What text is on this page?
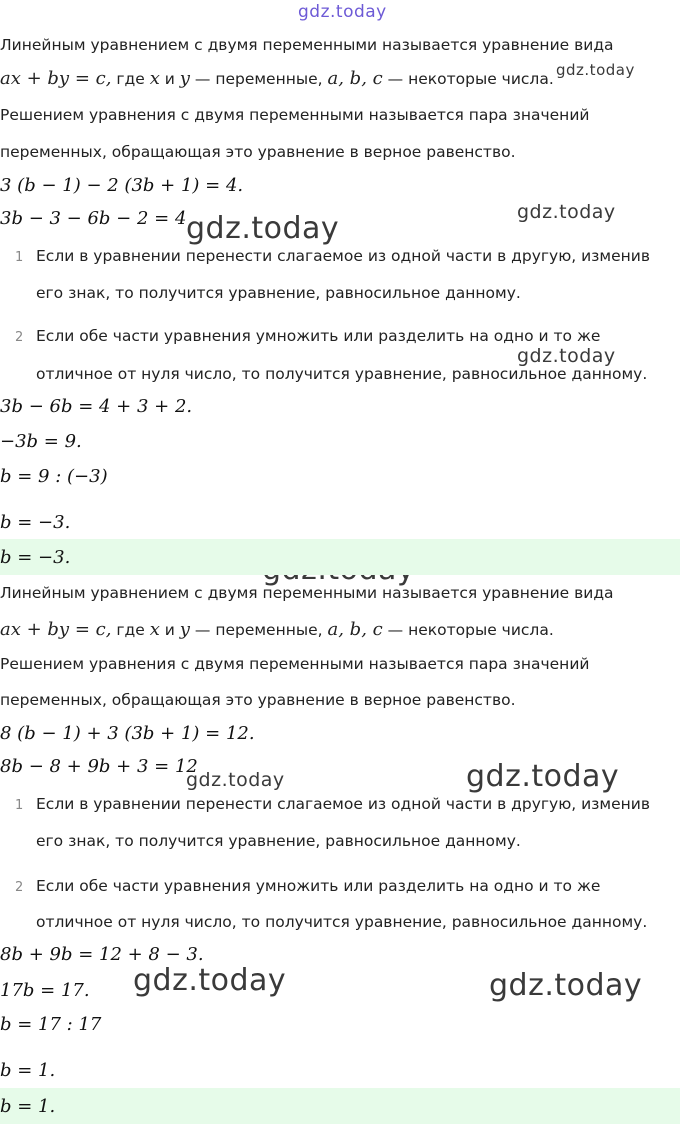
gdz.today
gdz.today
gdz.today
gdz.today
gdz.today
gdz.today	gdz.today
gdz.today	gdz.today
Линейным уравнением с двумя переменными называется уравнение вида
ax + by = c, где x и y — переменные, a, b, c — некоторые числа.
Решением уравнения с двумя переменными называется пара значений
переменных, обращающая это уравнение в верное равенство.
3 (b − 1) − 2 (3b + 1) = 4.
3b − 3 − 6b − 2 = 4
1 Если в уравнении перенести слагаемое из одной части в другую, изменив
его знак, то получится уравнение, равносильное данному.
2 Если обе части уравнения умножить или разделить на одно и то же
отличное от нуля число, то получится уравнение, равносильное данному.
3b − 6b = 4 + 3 + 2.
−3b = 9.
b = 9 : (−3)
b = −3.
b = −3.
Линейным уравнением с двумя переменными называется уравнение вида
ax + by = c, где x и y — переменные, a, b, c — некоторые числа.
Решением уравнения с двумя переменными называется пара значений
переменных, обращающая это уравнение в верное равенство.
8 (b − 1) + 3 (3b + 1) = 12.
8b − 8 + 9b + 3 = 12
1 Если в уравнении перенести слагаемое из одной части в другую, изменив
его знак, то получится уравнение, равносильное данному.
2 Если обе части уравнения умножить или разделить на одно и то же
отличное от нуля число, то получится уравнение, равносильное данному.
8b + 9b = 12 + 8 − 3.
17b = 17.
b = 17 : 17
b = 1.
b = 1.
